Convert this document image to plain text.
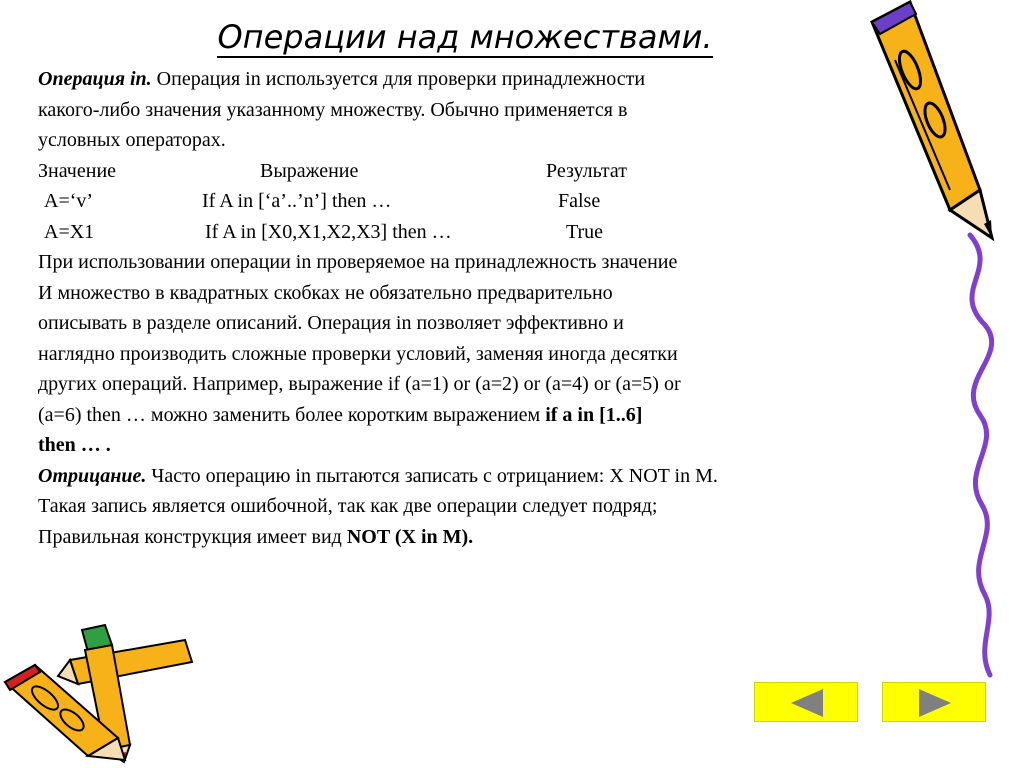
Операции над множествами.
Операция in. Операция in используется для проверки принадлежности
какого-либо значения указанному множеству. Обычно применяется в
условных операторах.
Значение	Выражение	Результат
A=‘v’	If A in [‘a’..’n’] then …	False
A=X1	If A in [X0,X1,X2,X3] then …	True
При использовании операции in проверяемое на принадлежность значение
И множество в квадратных скобках не обязательно предварительно
описывать в разделе описаний. Операция in позволяет эффективно и
наглядно производить сложные проверки условий, заменяя иногда десятки
других операций. Например, выражение if (a=1) or (a=2) or (a=4) or (a=5) or
(a=6) then … можно заменить более коротким выражением if a in [1..6]
then … .
Отрицание. Часто операцию in пытаются записать с отрицанием: X NOT in M.
Такая запись является ошибочной, так как две операции следует подряд;
Правильная конструкция имеет вид NOT (X in M).
